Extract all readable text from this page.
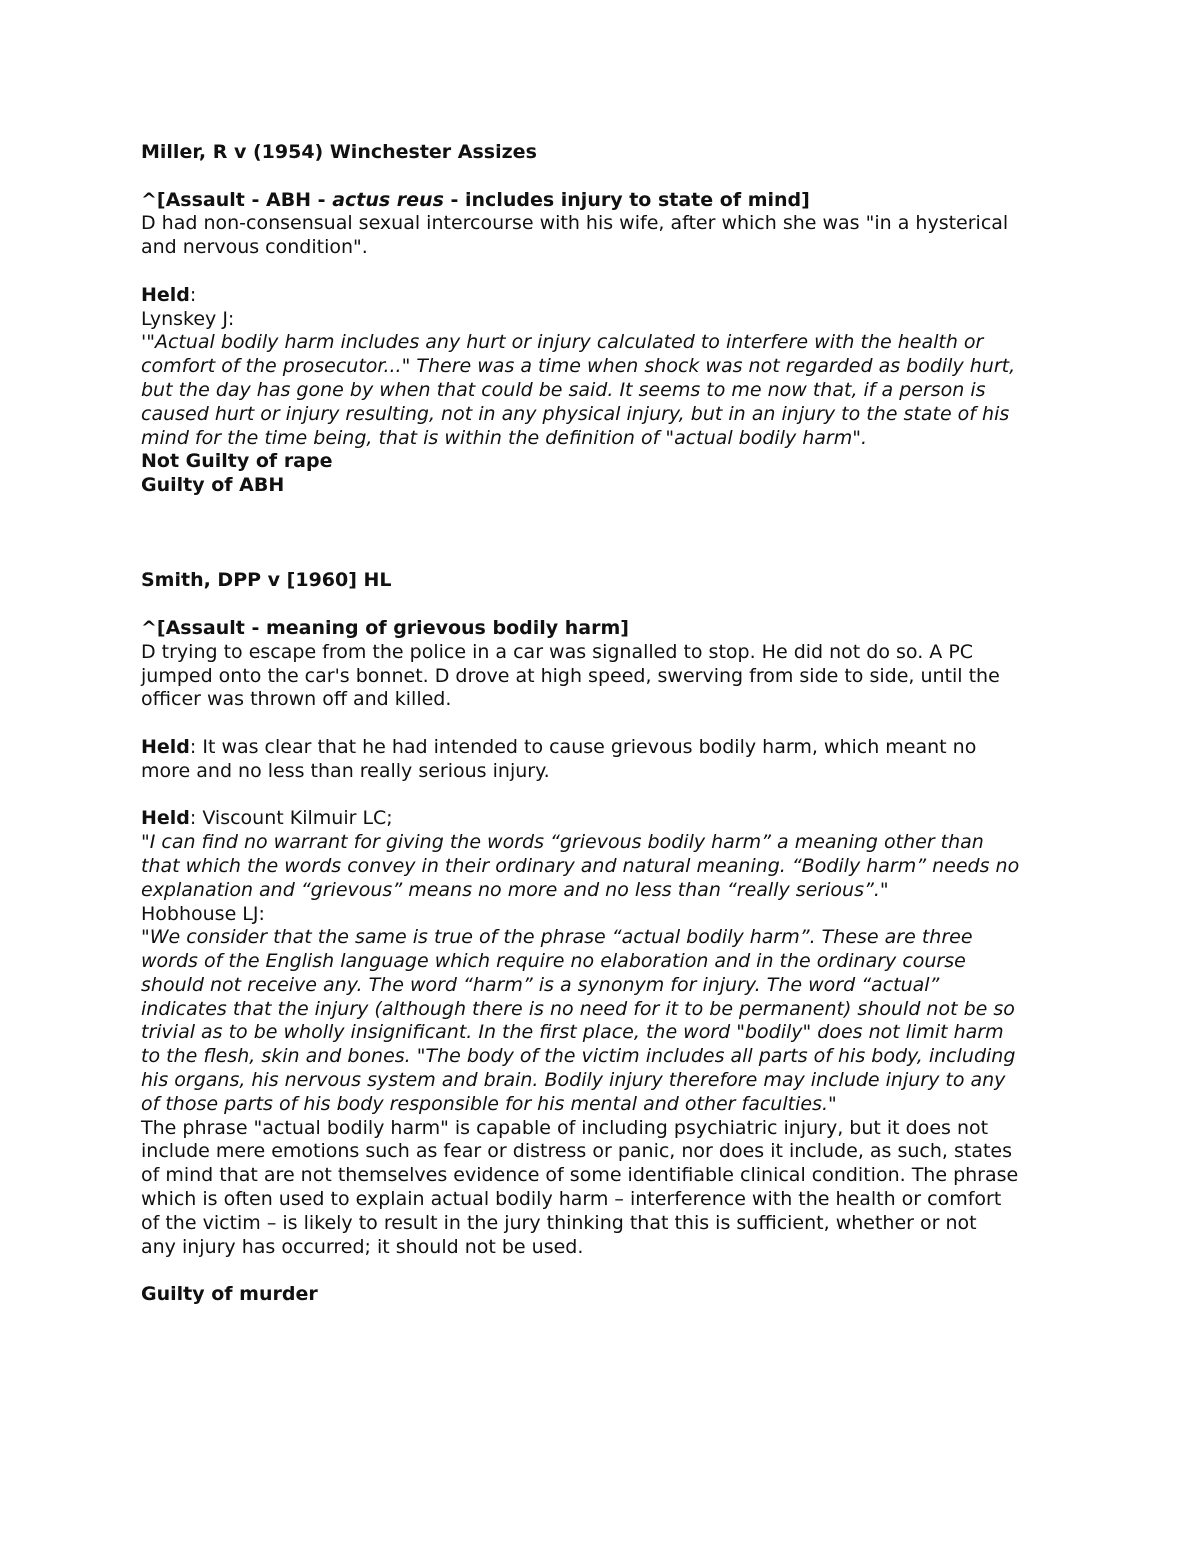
Miller, R v (1954) Winchester Assizes
^[Assault - ABH - actus reus - includes injury to state of mind]
D had non-consensual sexual intercourse with his wife, after which she was "in a hysterical
and nervous condition".
Held:
Lynskey J:
'"Actual bodily harm includes any hurt or injury calculated to interfere with the health or
comfort of the prosecutor..." There was a time when shock was not regarded as bodily hurt,
but the day has gone by when that could be said. It seems to me now that, if a person is
caused hurt or injury resulting, not in any physical injury, but in an injury to the state of his
mind for the time being, that is within the definition of "actual bodily harm".
Not Guilty of rape
Guilty of ABH
Smith, DPP v [1960] HL
^[Assault - meaning of grievous bodily harm]
D trying to escape from the police in a car was signalled to stop. He did not do so. A PC
jumped onto the car's bonnet. D drove at high speed, swerving from side to side, until the
officer was thrown off and killed.
Held: It was clear that he had intended to cause grievous bodily harm, which meant no
more and no less than really serious injury.
Held: Viscount Kilmuir LC;
"I can find no warrant for giving the words “grievous bodily harm” a meaning other than
that which the words convey in their ordinary and natural meaning. “Bodily harm” needs no
explanation and “grievous” means no more and no less than “really serious”."
Hobhouse LJ:
"We consider that the same is true of the phrase “actual bodily harm”. These are three
words of the English language which require no elaboration and in the ordinary course
should not receive any. The word “harm” is a synonym for injury. The word “actual”
indicates that the injury (although there is no need for it to be permanent) should not be so
trivial as to be wholly insignificant. In the first place, the word "bodily" does not limit harm
to the flesh, skin and bones. "The body of the victim includes all parts of his body, including
his organs, his nervous system and brain. Bodily injury therefore may include injury to any
of those parts of his body responsible for his mental and other faculties."
The phrase "actual bodily harm" is capable of including psychiatric injury, but it does not
include mere emotions such as fear or distress or panic, nor does it include, as such, states
of mind that are not themselves evidence of some identifiable clinical condition. The phrase
which is often used to explain actual bodily harm – interference with the health or comfort
of the victim – is likely to result in the jury thinking that this is sufficient, whether or not
any injury has occurred; it should not be used.
Guilty of murder
